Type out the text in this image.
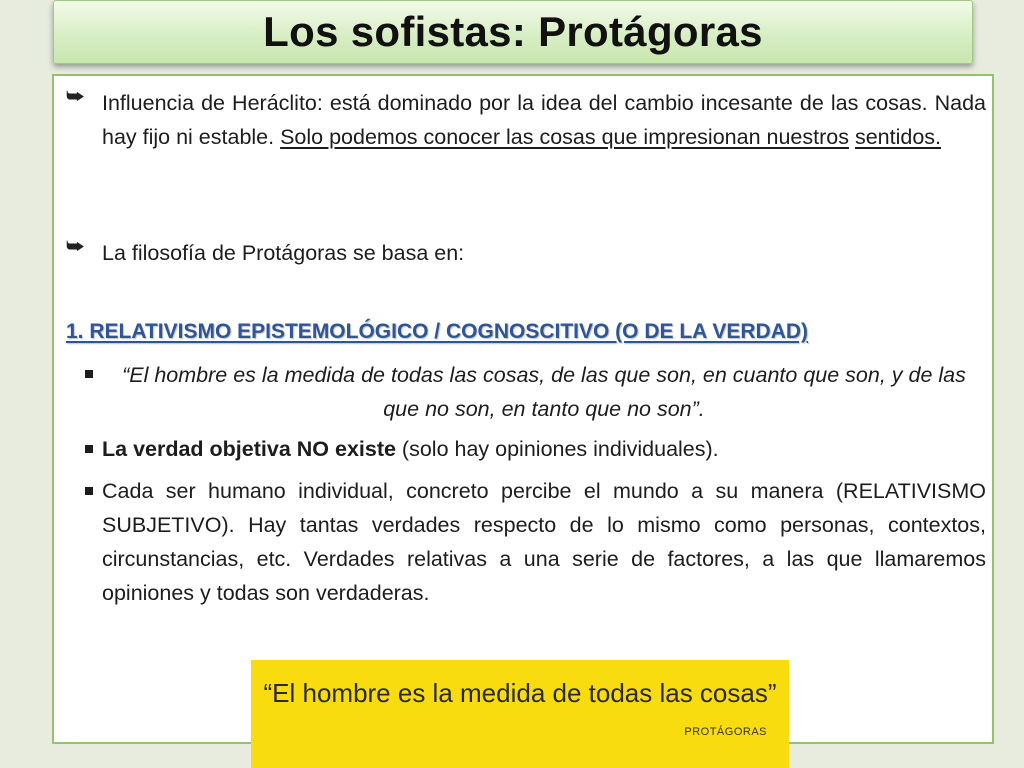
Los sofistas: Protágoras
⮩ Influencia de Heráclito: está dominado por la idea del cambio incesante de las cosas. Nada hay fijo ni estable. Solo podemos conocer las cosas que impresionan nuestros sentidos.
⮩ La filosofía de Protágoras se basa en:
1. RELATIVISMO EPISTEMOLÓGICO / COGNOSCITIVO (O DE LA VERDAD)
“El hombre es la medida de todas las cosas, de las que son, en cuanto que son, y de las que no son, en tanto que no son”.
La verdad objetiva NO existe (solo hay opiniones individuales).
Cada ser humano individual, concreto percibe el mundo a su manera (RELATIVISMO SUBJETIVO). Hay tantas verdades respecto de lo mismo como personas, contextos, circunstancias, etc. Verdades relativas a una serie de factores, a las que llamaremos opiniones y todas son verdaderas.
“El hombre es la medida de todas las cosas”
PROTÁGORAS
